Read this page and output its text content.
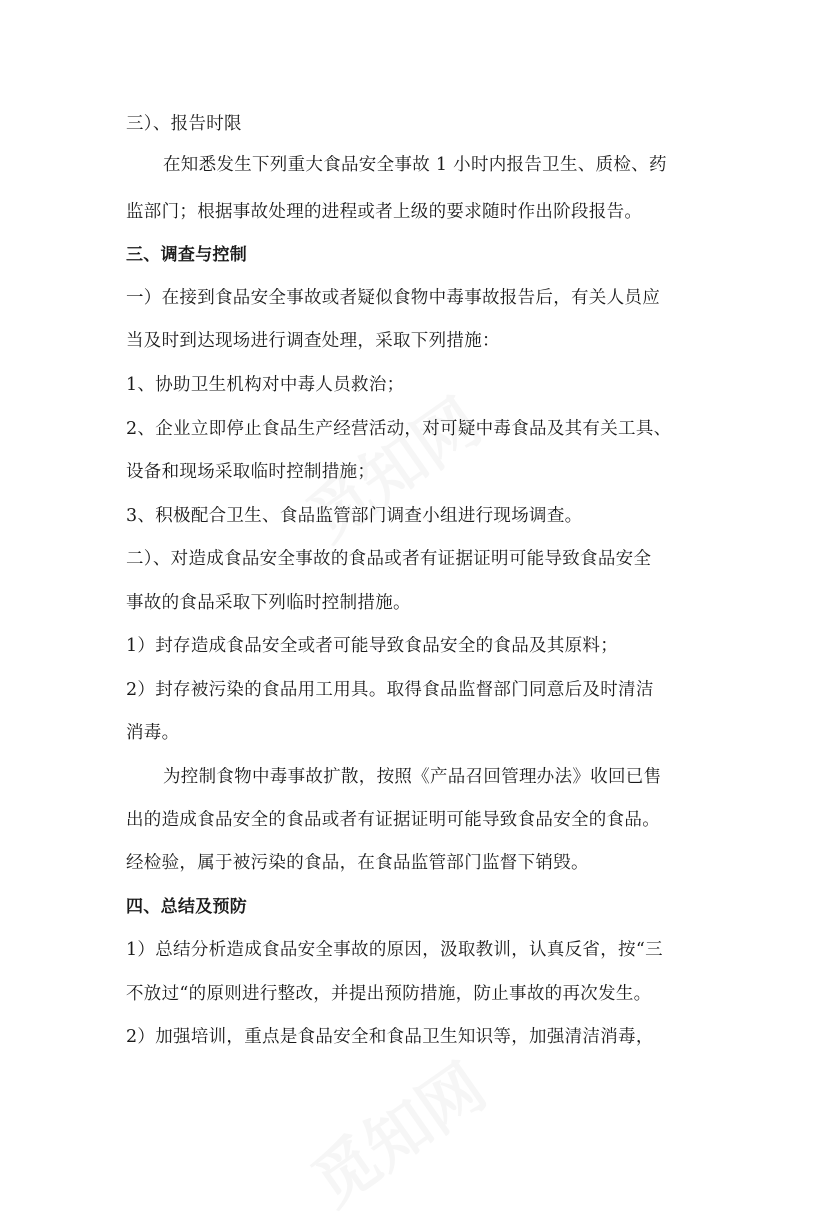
三）、报告时限
在知悉发生下列重大食品安全事故 1 小时内报告卫生、质检、药
监部门；根据事故处理的进程或者上级的要求随时作出阶段报告。
三、调查与控制
一）在接到食品安全事故或者疑似食物中毒事故报告后，有关人员应
当及时到达现场进行调查处理，采取下列措施：
1、协助卫生机构对中毒人员救治；
2、企业立即停止食品生产经营活动，对可疑中毒食品及其有关工具、
设备和现场采取临时控制措施；
3、积极配合卫生、食品监管部门调查小组进行现场调查。
二）、对造成食品安全事故的食品或者有证据证明可能导致食品安全
事故的食品采取下列临时控制措施。
1）封存造成食品安全或者可能导致食品安全的食品及其原料；
2）封存被污染的食品用工用具。取得食品监督部门同意后及时清洁
消毒。
为控制食物中毒事故扩散，按照《产品召回管理办法》收回已售
出的造成食品安全的食品或者有证据证明可能导致食品安全的食品。
经检验，属于被污染的食品，在食品监管部门监督下销毁。
四、总结及预防
1）总结分析造成食品安全事故的原因，汲取教训，认真反省，按“三
不放过“的原则进行整改，并提出预防措施，防止事故的再次发生。
2）加强培训，重点是食品安全和食品卫生知识等，加强清洁消毒，
